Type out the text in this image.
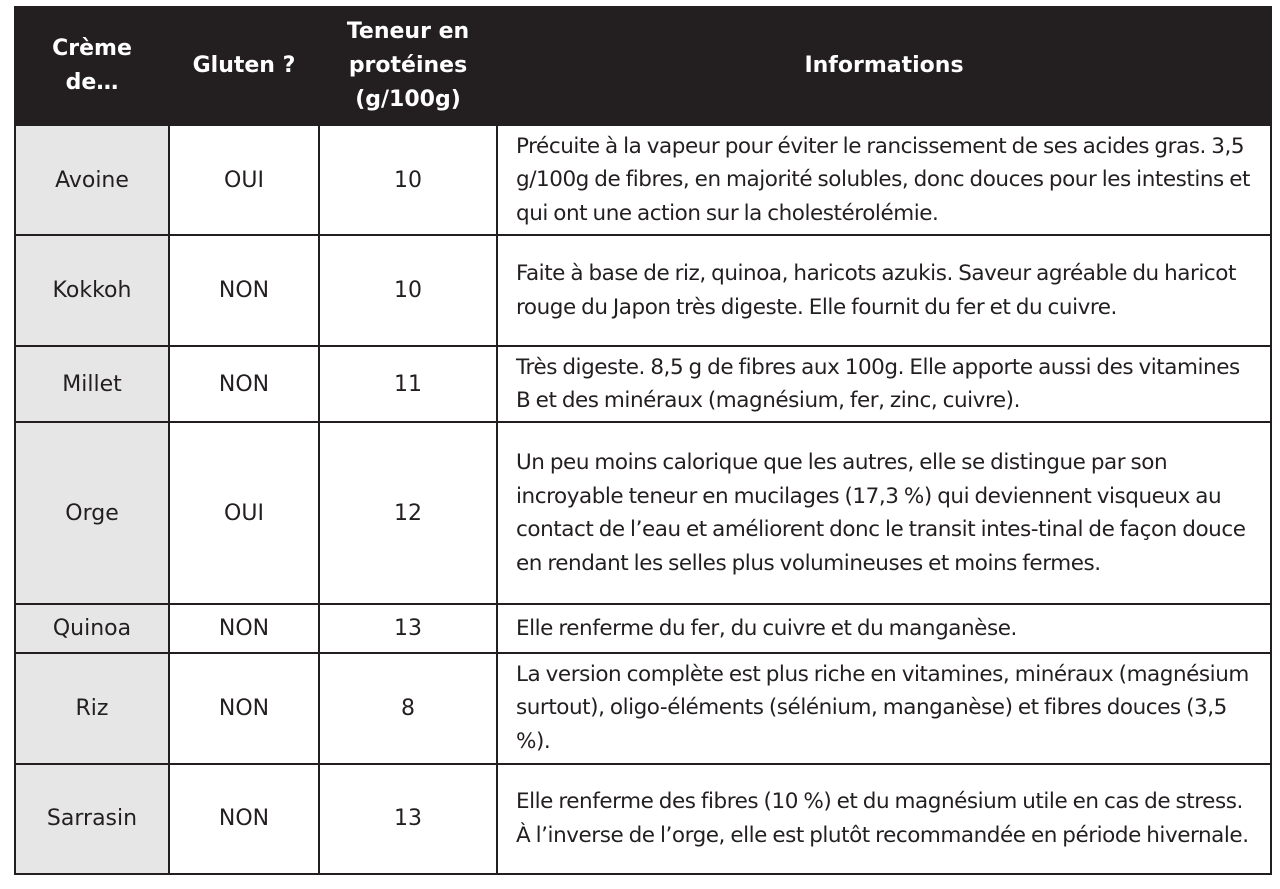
Crème de…	Gluten ?	Teneur en protéines (g/100g)	Informations
Avoine	OUI	10	Précuite à la vapeur pour éviter le rancissement de ses acides gras. 3,5 g/100g de fibres, en majorité solubles, donc douces pour les intestins et qui ont une action sur la cholestérolémie.
Kokkoh	NON	10	Faite à base de riz, quinoa, haricots azukis. Saveur agréable du haricot rouge du Japon très digeste. Elle fournit du fer et du cuivre.
Millet	NON	11	Très digeste. 8,5 g de fibres aux 100g. Elle apporte aussi des vitamines B et des minéraux (magnésium, fer, zinc, cuivre).
Orge	OUI	12	Un peu moins calorique que les autres, elle se distingue par son incroyable teneur en mucilages (17,3 %) qui deviennent visqueux au contact de l’eau et améliorent donc le transit intes-tinal de façon douce en rendant les selles plus volumineuses et moins fermes.
Quinoa	NON	13	Elle renferme du fer, du cuivre et du manganèse.
Riz	NON	8	La version complète est plus riche en vitamines, minéraux (magnésium surtout), oligo-éléments (sélénium, manganèse) et fibres douces (3,5 %).
Sarrasin	NON	13	Elle renferme des fibres (10 %) et du magnésium utile en cas de stress. À l’inverse de l’orge, elle est plutôt recommandée en période hivernale.
